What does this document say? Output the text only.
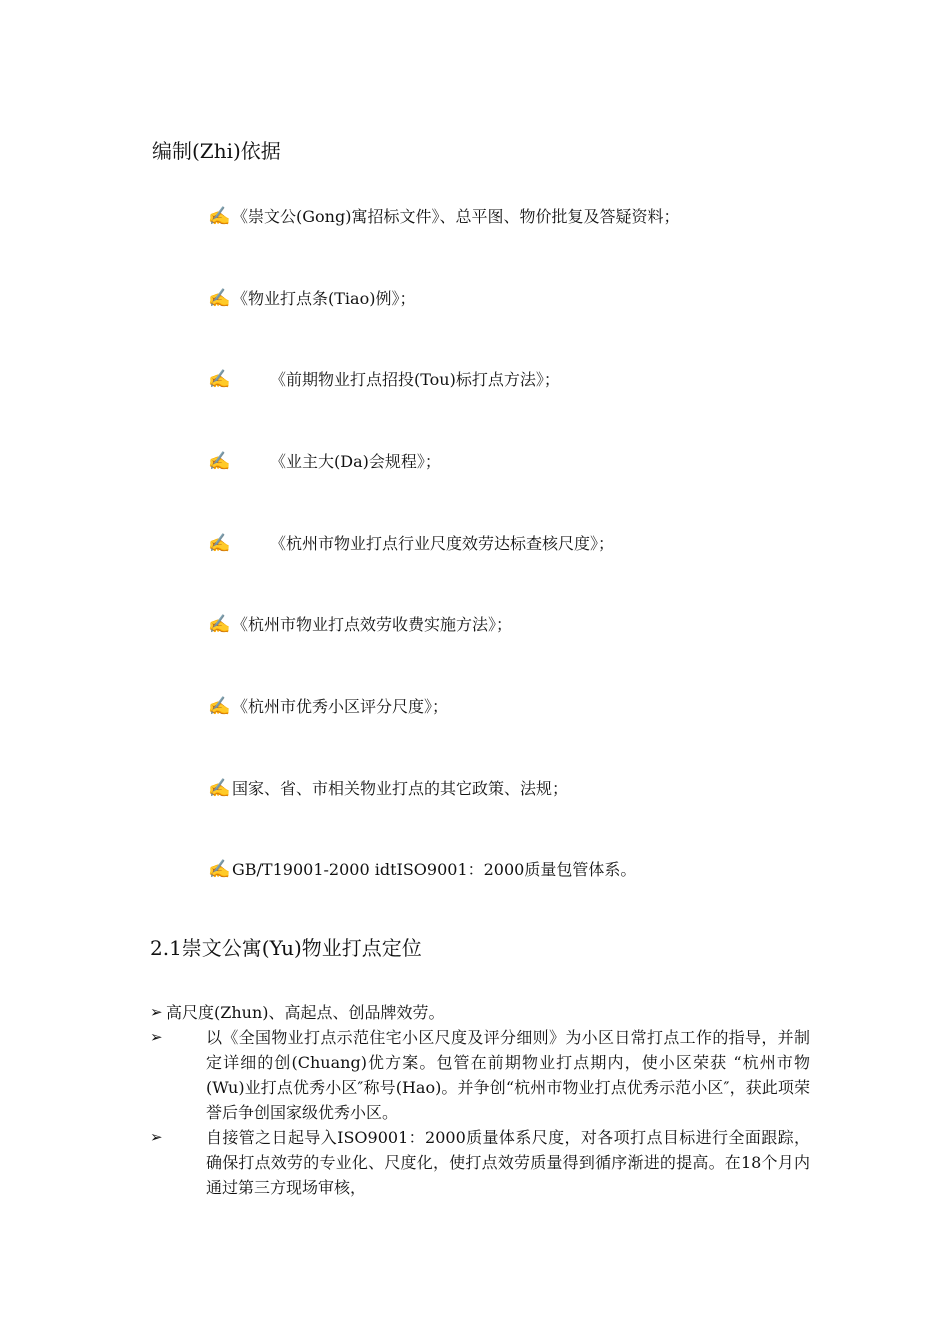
编制(Zhi)依据
✍ 《崇文公(Gong)寓招标文件》、总平图、物价批复及答疑资料；
✍ 《物业打点条(Tiao)例》；
✍	《前期物业打点招投(Tou)标打点方法》；
✍	《业主大(Da)会规程》；
✍	《杭州市物业打点行业尺度效劳达标查核尺度》；
✍ 《杭州市物业打点效劳收费实施方法》；
✍ 《杭州市优秀小区评分尺度》；
✍ 国家、省、市相关物业打点的其它政策、法规；
✍ GB/T19001-2000 idtISO9001：2000质量包管体系。
2.1崇文公寓(Yu)物业打点定位
➢ 高尺度(Zhun)、高起点、创品牌效劳。
➢	以《全国物业打点示范住宅小区尺度及评分细则》为小区日常打点工作的指导，并制定详细的创(Chuang)优方案。包管在前期物业打点期内，使小区荣获 “杭州市物(Wu)业打点优秀小区″称号(Hao)。并争创“杭州市物业打点优秀示范小区″，获此项荣誉后争创国家级优秀小区。
➢	自接管之日起导入ISO9001：2000质量体系尺度，对各项打点目标进行全面跟踪，确保打点效劳的专业化、尺度化，使打点效劳质量得到循序渐进的提高。在18个月内通过第三方现场审核，
